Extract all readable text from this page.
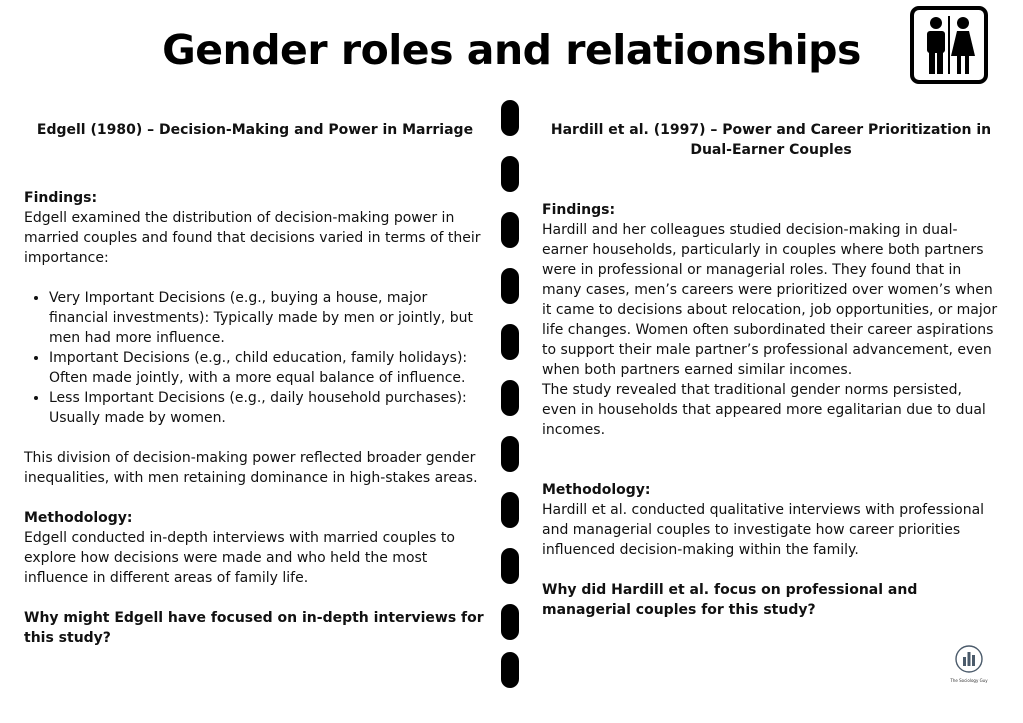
Gender roles and relationships

Edgell (1980) – Decision-Making and Power in Marriage

Findings:

Edgell examined the distribution of decision-making power in married couples and found that decisions varied in terms of their importance:

• Very Important Decisions (e.g., buying a house, major financial investments): Typically made by men or jointly, but men had more influence.
• Important Decisions (e.g., child education, family holidays): Often made jointly, with a more equal balance of influence.
• Less Important Decisions (e.g., daily household purchases): Usually made by women.

This division of decision-making power reflected broader gender inequalities, with men retaining dominance in high-stakes areas.

Methodology:

Edgell conducted in-depth interviews with married couples to explore how decisions were made and who held the most influence in different areas of family life.

Why might Edgell have focused on in-depth interviews for this study?

Hardill et al. (1997) – Power and Career Prioritization in Dual-Earner Couples

Findings:

Hardill and her colleagues studied decision-making in dual-earner households, particularly in couples where both partners were in professional or managerial roles. They found that in many cases, men’s careers were prioritized over women’s when it came to decisions about relocation, job opportunities, or major life changes. Women often subordinated their career aspirations to support their male partner’s professional advancement, even when both partners earned similar incomes.

The study revealed that traditional gender norms persisted, even in households that appeared more egalitarian due to dual incomes.

Methodology:

Hardill et al. conducted qualitative interviews with professional and managerial couples to investigate how career priorities influenced decision-making within the family.

Why did Hardill et al. focus on professional and managerial couples for this study?

The Sociology Guy
